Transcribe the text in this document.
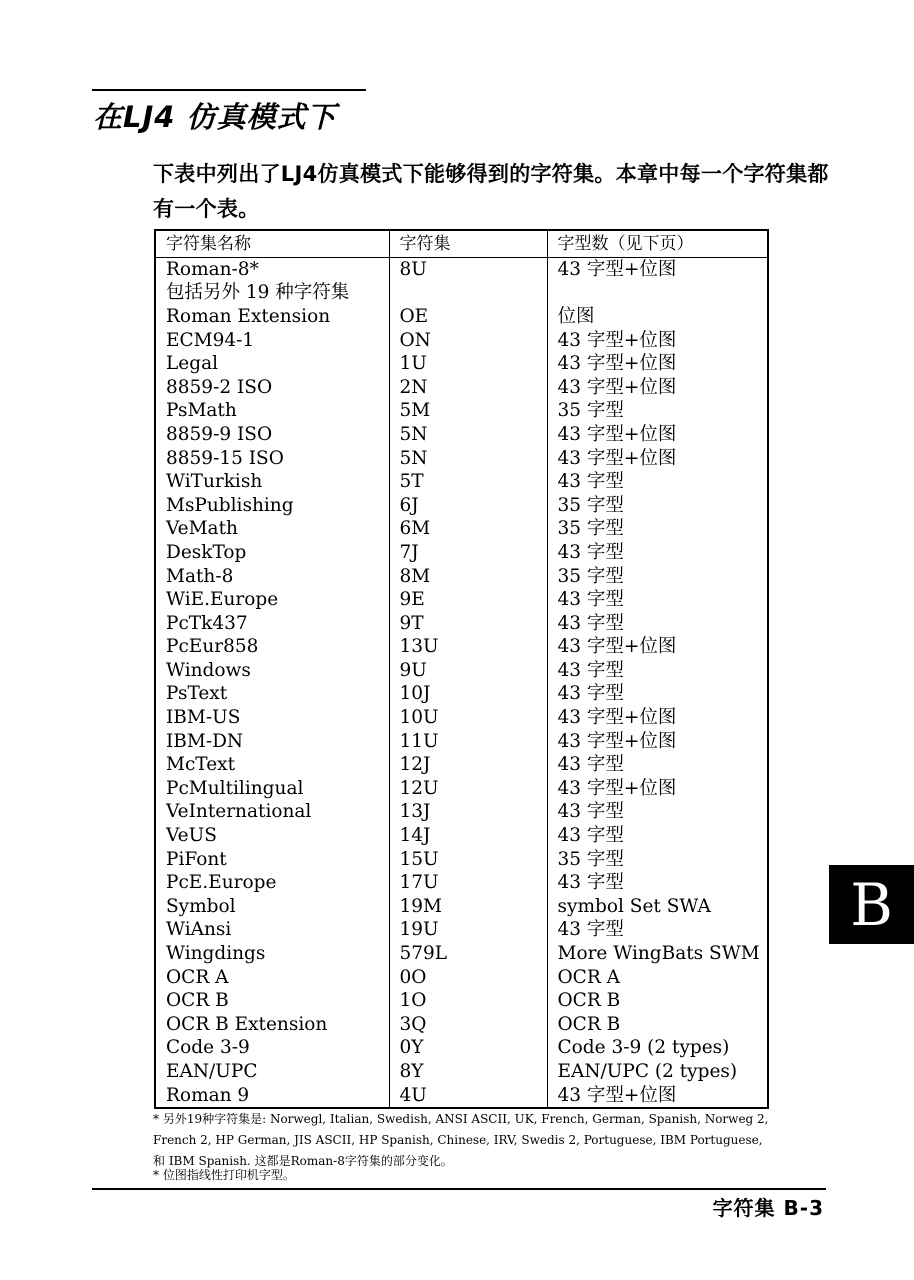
在LJ4 仿真模式下
下表中列出了LJ4仿真模式下能够得到的字符集。本章中每一个字符集都有一个表。
字符集名称	字符集	字型数（见下页）
Roman-8*	8U	43 字型+位图
包括另外 19 种字符集		
Roman Extension	OE	位图
ECM94-1	ON	43 字型+位图
Legal	1U	43 字型+位图
8859-2 ISO	2N	43 字型+位图
PsMath	5M	35 字型
8859-9 ISO	5N	43 字型+位图
8859-15 ISO	5N	43 字型+位图
WiTurkish	5T	43 字型
MsPublishing	6J	35 字型
VeMath	6M	35 字型
DeskTop	7J	43 字型
Math-8	8M	35 字型
WiE.Europe	9E	43 字型
PcTk437	9T	43 字型
PcEur858	13U	43 字型+位图
Windows	9U	43 字型
PsText	10J	43 字型
IBM-US	10U	43 字型+位图
IBM-DN	11U	43 字型+位图
McText	12J	43 字型
PcMultilingual	12U	43 字型+位图
VeInternational	13J	43 字型
VeUS	14J	43 字型
PiFont	15U	35 字型
PcE.Europe	17U	43 字型
Symbol	19M	symbol Set SWA
WiAnsi	19U	43 字型
Wingdings	579L	More WingBats SWM
OCR A	0O	OCR A
OCR B	1O	OCR B
OCR B Extension	3Q	OCR B
Code 3-9	0Y	Code 3-9 (2 types)
EAN/UPC	8Y	EAN/UPC (2 types)
Roman 9	4U	43 字型+位图
* 另外19种字符集是: Norwegl, Italian, Swedish, ANSI ASCII, UK, French, German, Spanish, Norweg 2, French 2, HP German, JIS ASCII, HP Spanish, Chinese, IRV, Swedis 2, Portuguese, IBM Portuguese, 和 IBM Spanish. 这都是Roman-8字符集的部分变化。
* 位图指线性打印机字型。
字符集 B-3
B
